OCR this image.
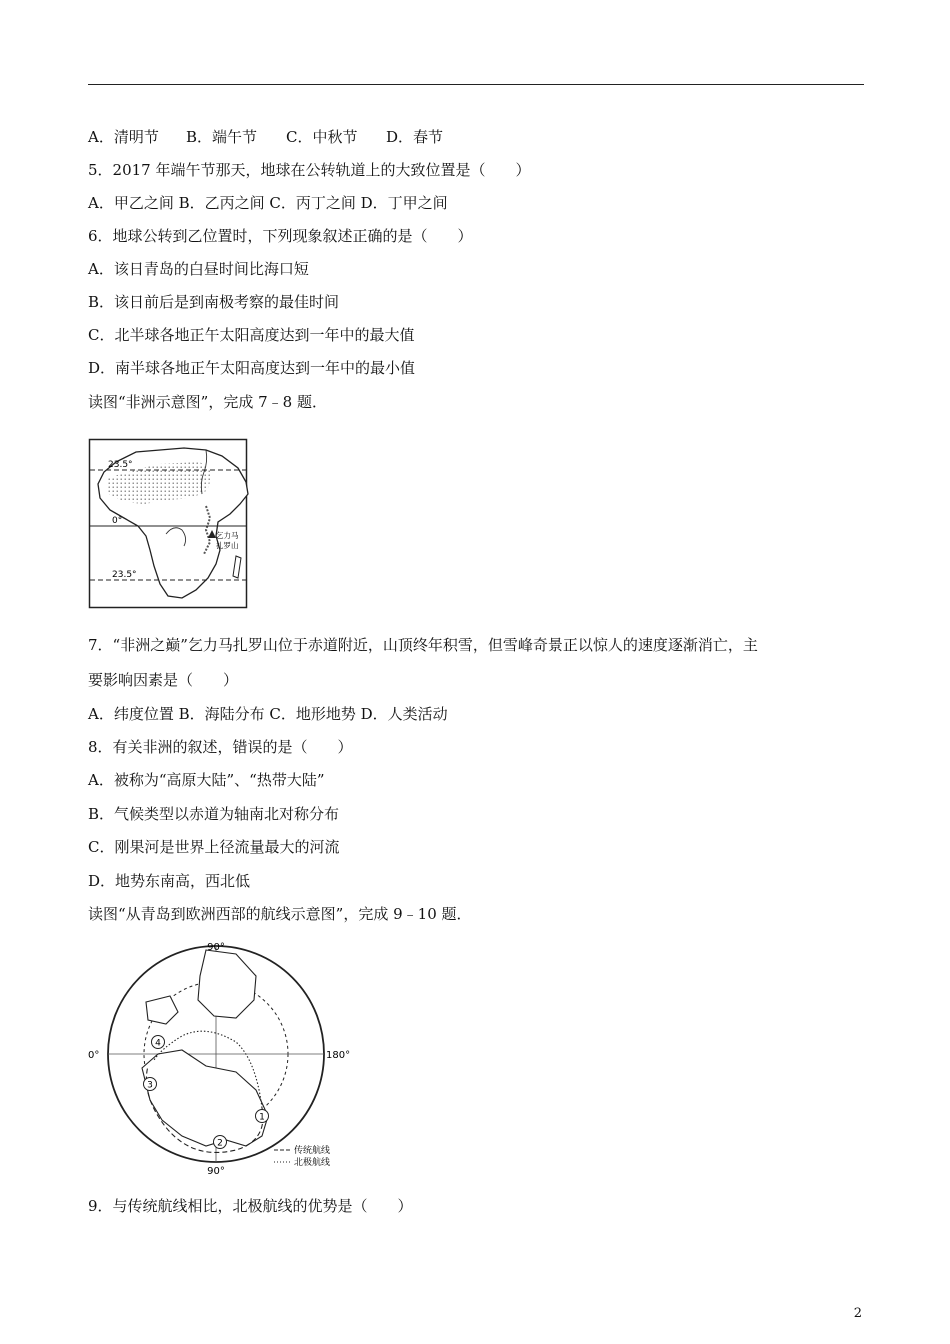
A．清明节 B．端午节 C．中秋节 D．春节
5．2017 年端午节那天，地球在公转轨道上的大致位置是（　　）
A．甲乙之间 B．乙丙之间 C．丙丁之间 D．丁甲之间
6．地球公转到乙位置时，下列现象叙述正确的是（　　）
A．该日青岛的白昼时间比海口短
B．该日前后是到南极考察的最佳时间
C．北半球各地正午太阳高度达到一年中的最大值
D．南半球各地正午太阳高度达到一年中的最小值
读图“非洲示意图”，完成 7﹣8 题．
23.5°
0°
23.5°
乞力马
扎罗山
7．“非洲之巅”乞力马扎罗山位于赤道附近，山顶终年积雪，但雪峰奇景正以惊人的速度逐渐消亡，主
要影响因素是（　　）
A．纬度位置 B．海陆分布 C．地形地势 D．人类活动
8．有关非洲的叙述，错误的是（　　）
A．被称为“高原大陆”、“热带大陆”
B．气候类型以赤道为轴南北对称分布
C．刚果河是世界上径流量最大的河流
D．地势东南高，西北低
读图“从青岛到欧洲西部的航线示意图”，完成 9﹣10 题．
1
2
3
4
90°
0°	180°
90°
传统航线
北极航线
9．与传统航线相比，北极航线的优势是（　　）
2
